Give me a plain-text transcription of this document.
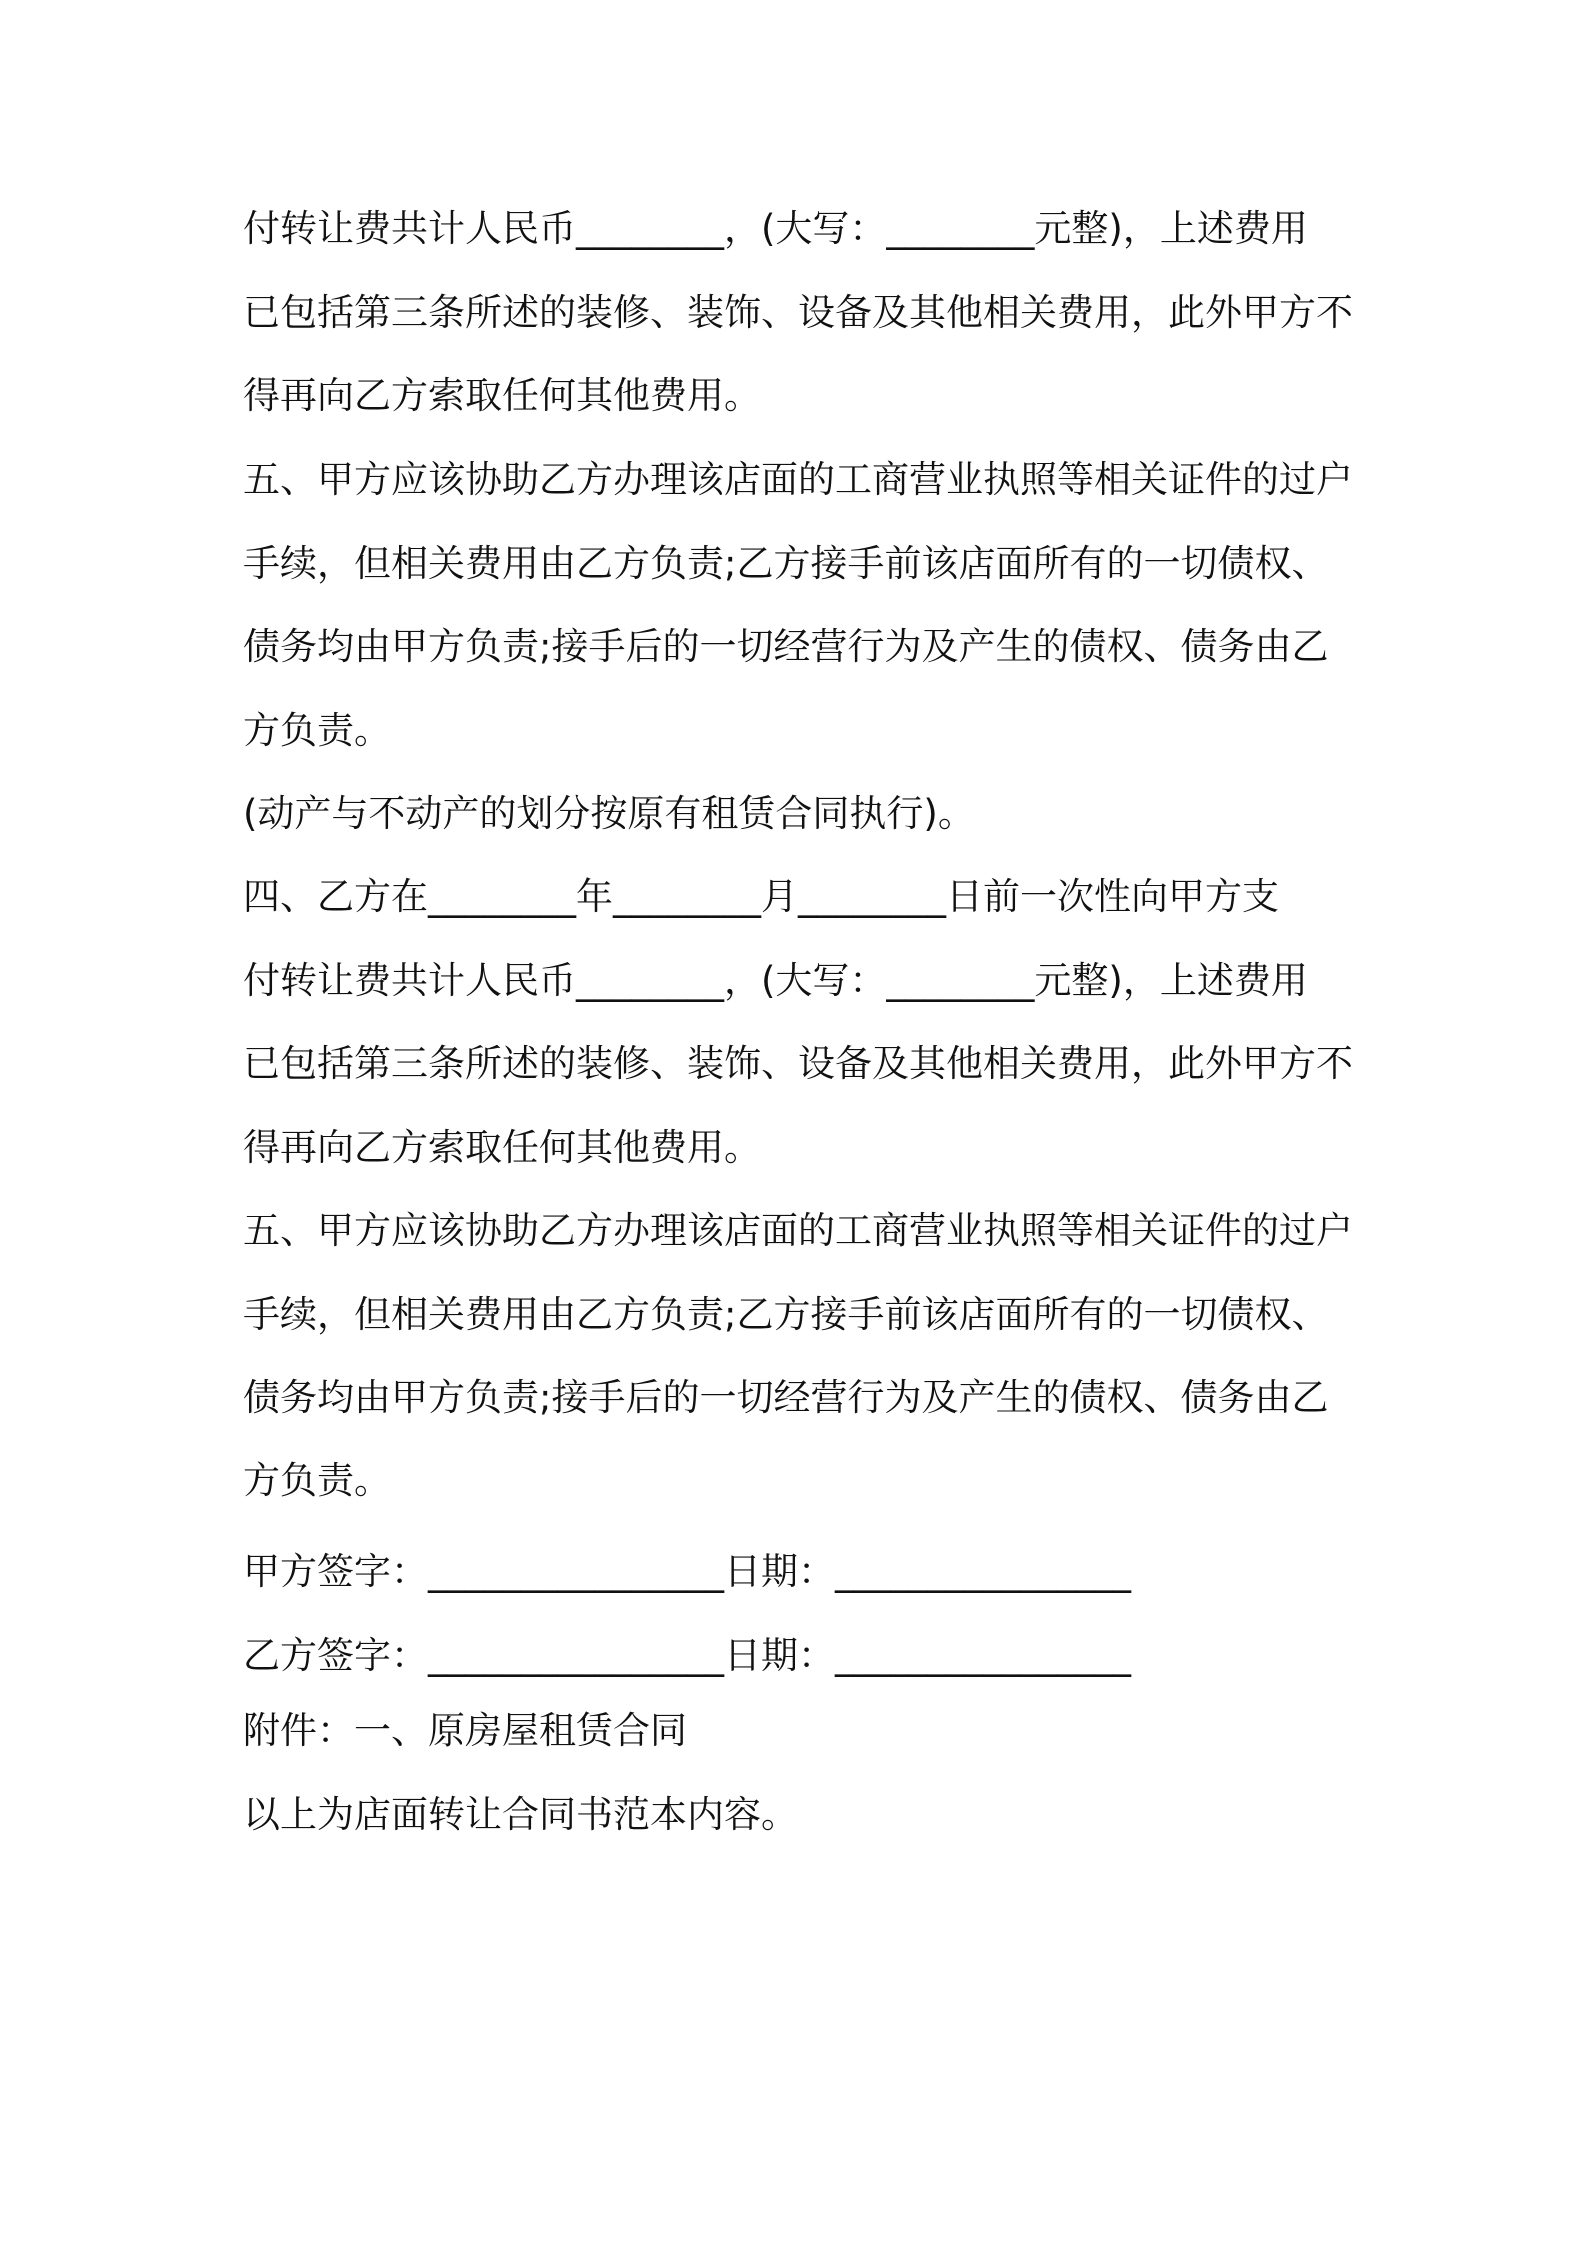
付转让费共计人民币________，(大写：________元整)，上述费用
已包括第三条所述的装修、装饰、设备及其他相关费用，此外甲方不
得再向乙方索取任何其他费用。
五、甲方应该协助乙方办理该店面的工商营业执照等相关证件的过户
手续，但相关费用由乙方负责;乙方接手前该店面所有的一切债权、
债务均由甲方负责;接手后的一切经营行为及产生的债权、债务由乙
方负责。
(动产与不动产的划分按原有租赁合同执行)。
四、乙方在________年________月________日前一次性向甲方支
付转让费共计人民币________，(大写：________元整)，上述费用
已包括第三条所述的装修、装饰、设备及其他相关费用，此外甲方不
得再向乙方索取任何其他费用。
五、甲方应该协助乙方办理该店面的工商营业执照等相关证件的过户
手续，但相关费用由乙方负责;乙方接手前该店面所有的一切债权、
债务均由甲方负责;接手后的一切经营行为及产生的债权、债务由乙
方负责。
甲方签字：________________日期：________________
乙方签字：________________日期：________________
附件：一、原房屋租赁合同
以上为店面转让合同书范本内容。
